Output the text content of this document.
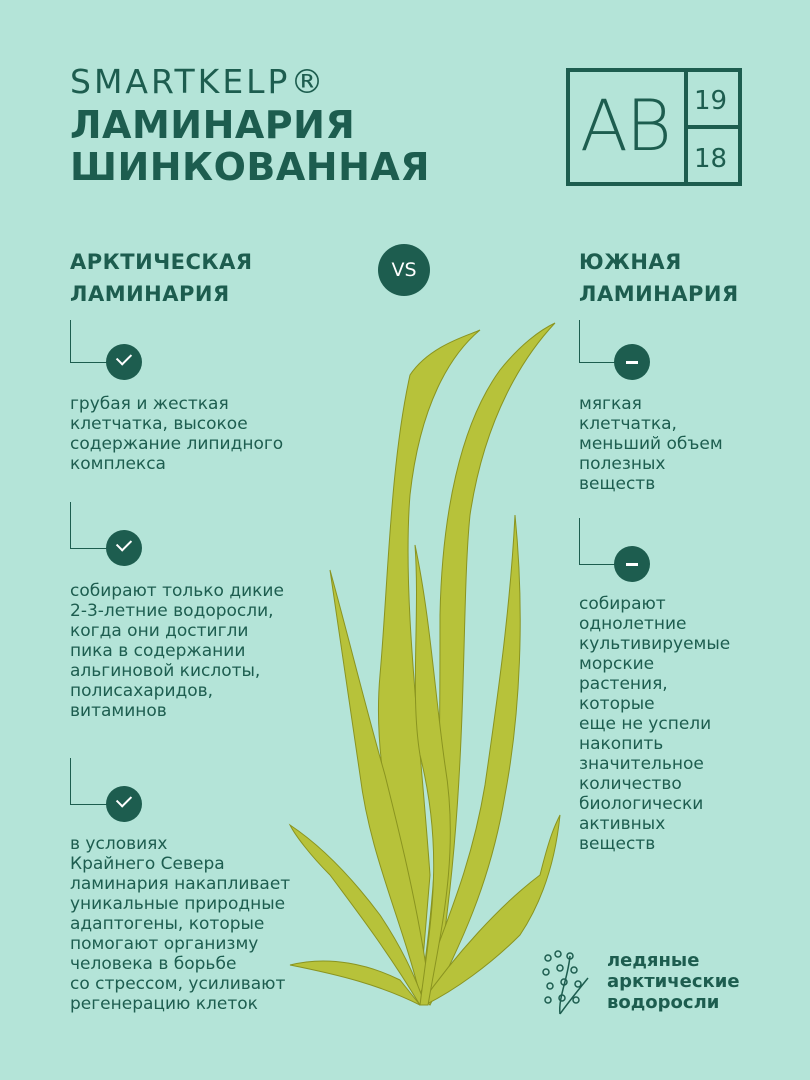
SMARTKELP®
ЛАМИНАРИЯ
ШИНКОВАННАЯ	AB 19
18
АРКТИЧЕСКАЯ
ЛАМИНАРИЯ
VS	ЮЖНАЯ
ЛАМИНАРИЯ
грубая и жесткая
клетчатка, высокое
содержание липидного
комплекса
собирают только дикие
2-3-летние водоросли,
когда они достигли
пика в содержании
альгиновой кислоты,
полисахаридов,
витаминов
в условиях
Крайнего Севера
ламинария накапливает
уникальные природные
адаптогены, которые
помогают организму
человека в борьбе
со стрессом, усиливают
регенерацию клеток
мягкая
клетчатка,
меньший объем
полезных
веществ
собирают
однолетние
культивируемые
морские
растения,
которые
еще не успели
накопить
значительное
количество
биологически
активных
веществ
ледяные
арктические
водоросли
